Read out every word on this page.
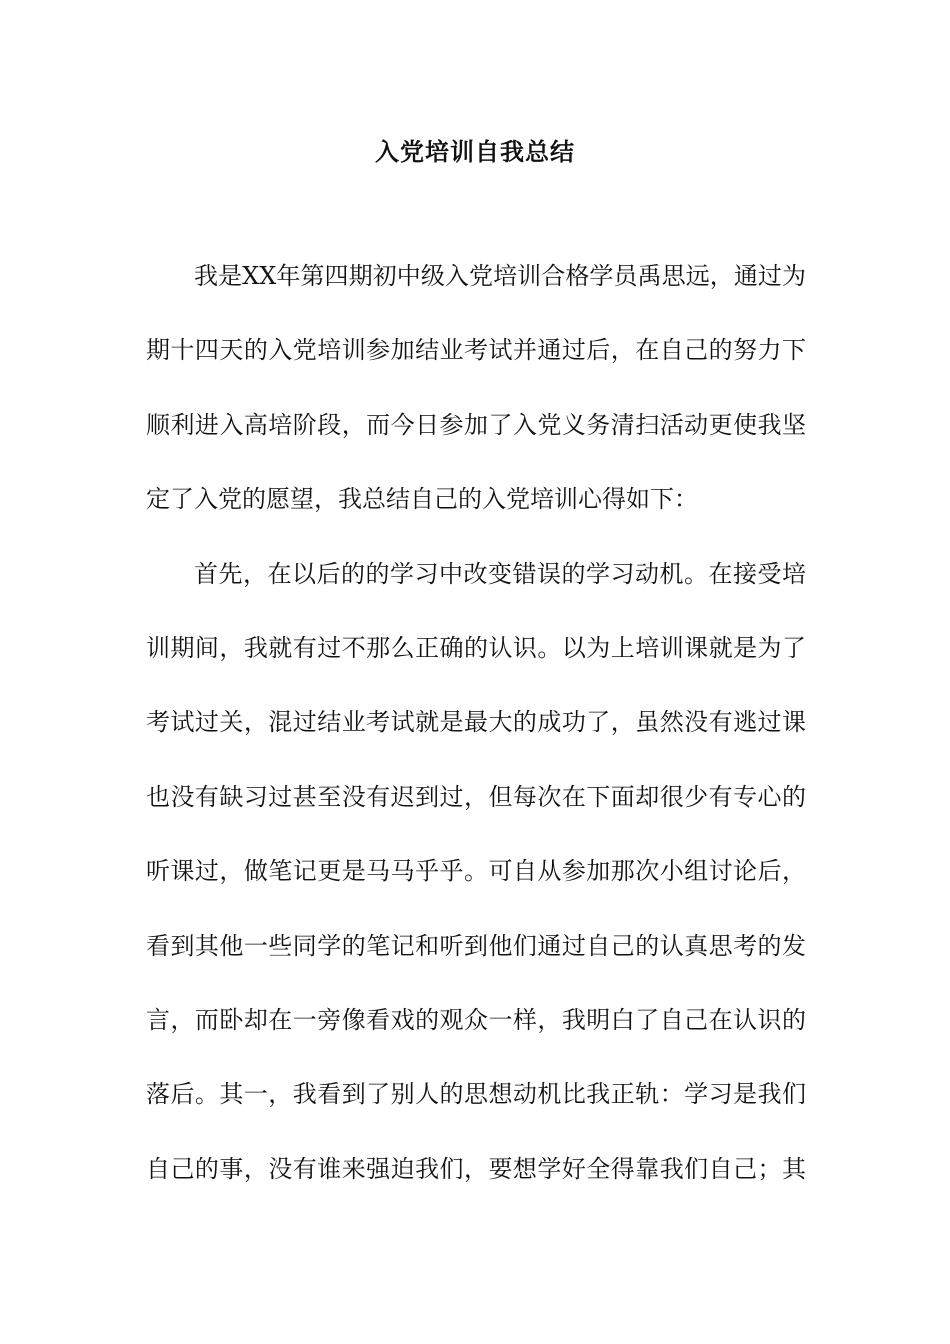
入党培训自我总结
我是XX年第四期初中级入党培训合格学员禹思远，通过为
期十四天的入党培训参加结业考试并通过后，在自己的努力下
顺利进入高培阶段，而今日参加了入党义务清扫活动更使我坚
定了入党的愿望，我总结自己的入党培训心得如下：
首先，在以后的的学习中改变错误的学习动机。在接受培
训期间，我就有过不那么正确的认识。以为上培训课就是为了
考试过关，混过结业考试就是最大的成功了，虽然没有逃过课
也没有缺习过甚至没有迟到过，但每次在下面却很少有专心的
听课过，做笔记更是马马乎乎。可自从参加那次小组讨论后，
看到其他一些同学的笔记和听到他们通过自己的认真思考的发
言，而卧却在一旁像看戏的观众一样，我明白了自己在认识的
落后。其一，我看到了别人的思想动机比我正轨：学习是我们
自己的事，没有谁来强迫我们，要想学好全得靠我们自己；其
